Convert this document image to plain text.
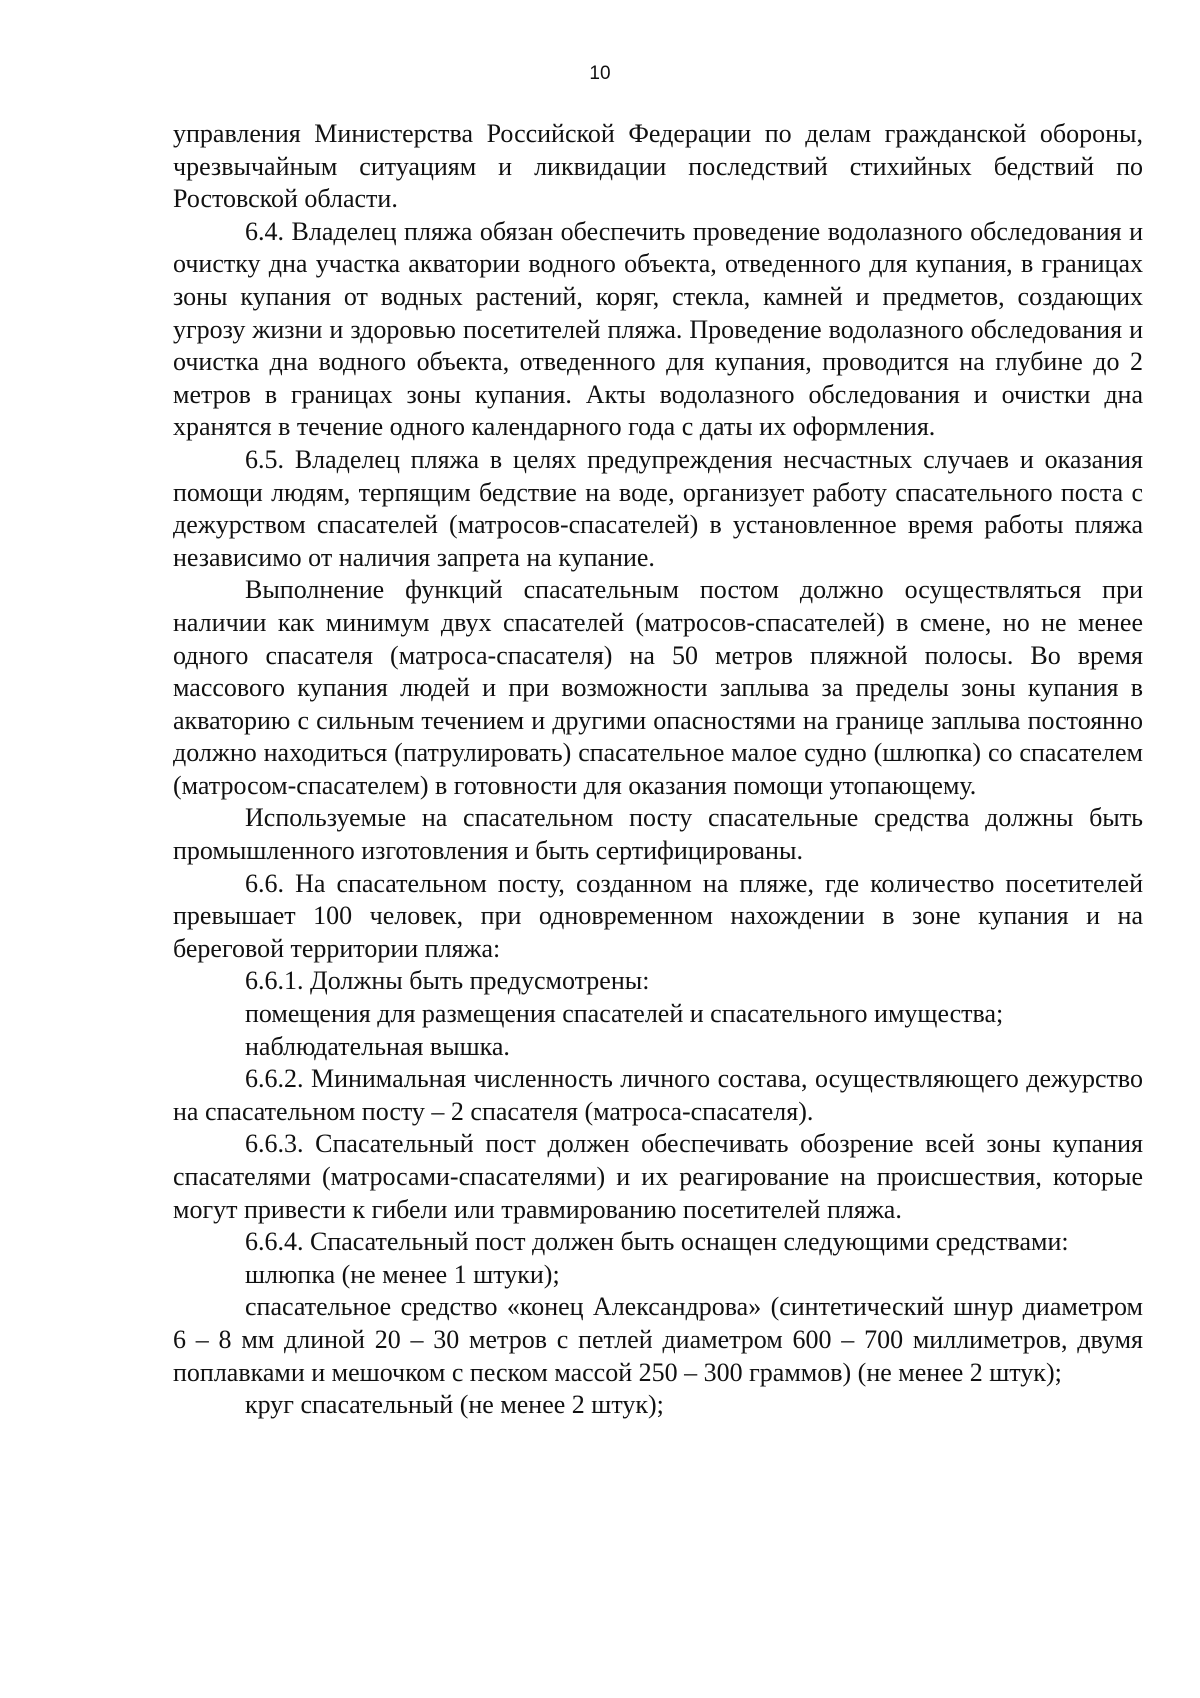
10

управления Министерства Российской Федерации по делам гражданской обороны, чрезвычайным ситуациям и ликвидации последствий стихийных бедствий по Ростовской области.

6.4. Владелец пляжа обязан обеспечить проведение водолазного обследования и очистку дна участка акватории водного объекта, отведенного для купания, в границах зоны купания от водных растений, коряг, стекла, камней и предметов, создающих угрозу жизни и здоровью посетителей пляжа. Проведение водолазного обследования и очистка дна водного объекта, отведенного для купания, проводится на глубине до 2 метров в границах зоны купания. Акты водолазного обследования и очистки дна хранятся в течение одного календарного года с даты их оформления.

6.5. Владелец пляжа в целях предупреждения несчастных случаев и оказания помощи людям, терпящим бедствие на воде, организует работу спасательного поста с дежурством спасателей (матросов-спасателей) в установленное время работы пляжа независимо от наличия запрета на купание.

Выполнение функций спасательным постом должно осуществляться при наличии как минимум двух спасателей (матросов-спасателей) в смене, но не менее одного спасателя (матроса-спасателя) на 50 метров пляжной полосы. Во время массового купания людей и при возможности заплыва за пределы зоны купания в акваторию с сильным течением и другими опасностями на границе заплыва постоянно должно находиться (патрулировать) спасательное малое судно (шлюпка) со спасателем (матросом-спасателем) в готовности для оказания помощи утопающему.

Используемые на спасательном посту спасательные средства должны быть промышленного изготовления и быть сертифицированы.

6.6. На спасательном посту, созданном на пляже, где количество посетителей превышает 100 человек, при одновременном нахождении в зоне купания и на береговой территории пляжа:

6.6.1. Должны быть предусмотрены:

помещения для размещения спасателей и спасательного имущества;

наблюдательная вышка.

6.6.2. Минимальная численность личного состава, осуществляющего дежурство на спасательном посту – 2 спасателя (матроса-спасателя).

6.6.3. Спасательный пост должен обеспечивать обозрение всей зоны купания спасателями (матросами-спасателями) и их реагирование на происшествия, которые могут привести к гибели или травмированию посетителей пляжа.

6.6.4. Спасательный пост должен быть оснащен следующими средствами:

шлюпка (не менее 1 штуки);

спасательное средство «конец Александрова» (синтетический шнур диаметром 6 – 8 мм длиной 20 – 30 метров с петлей диаметром 600 – 700 миллиметров, двумя поплавками и мешочком с песком массой 250 – 300 граммов) (не менее 2 штук);

круг спасательный (не менее 2 штук);
